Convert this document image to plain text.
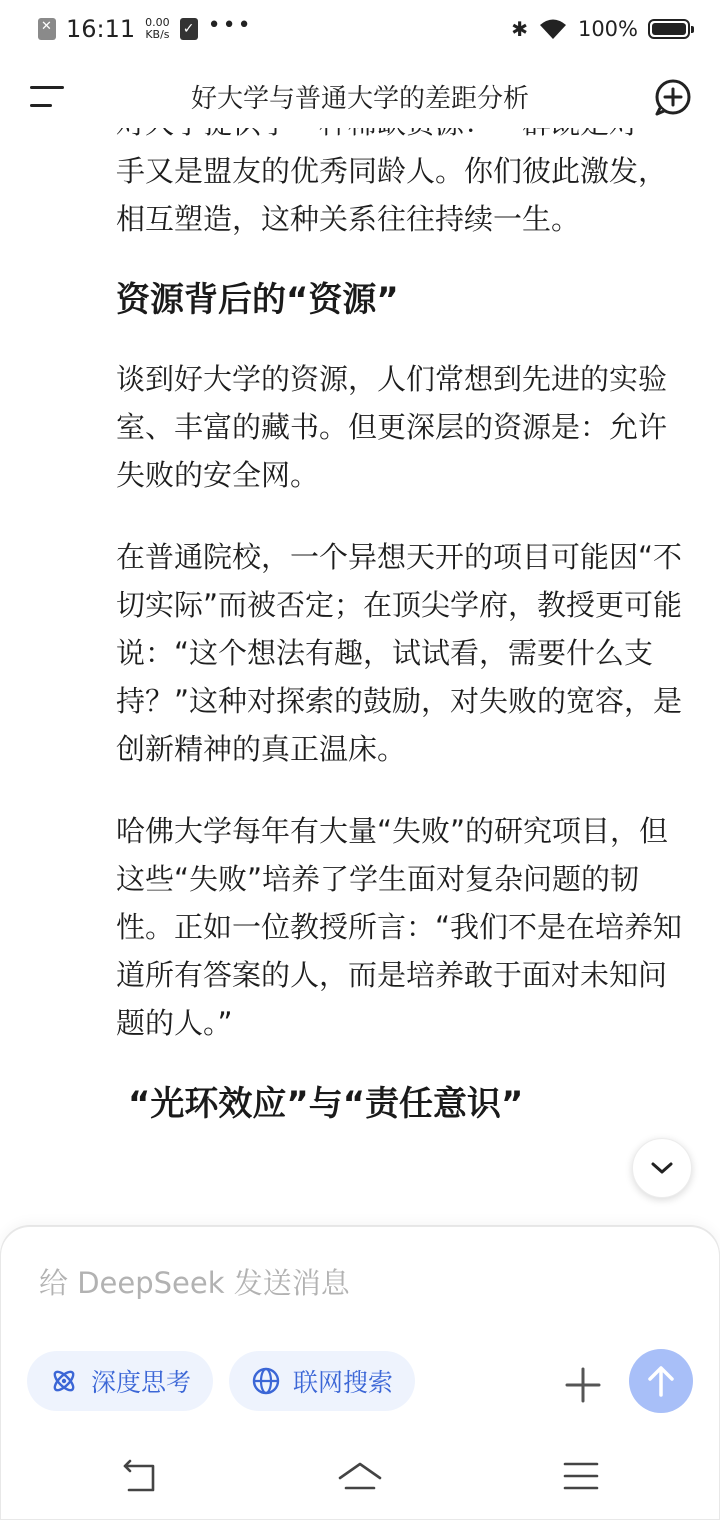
✕
16:11 0.00
KB/s ✓ •••	✱ 100%
好大学与普通大学的差距分析

手又是盟友的优秀同龄人。你们彼此激发，相互塑造，这种关系往往持续一生。

资源背后的“资源”

谈到好大学的资源，人们常想到先进的实验室、丰富的藏书。但更深层的资源是：允许失败的安全网。

在普通院校，一个异想天开的项目可能因“不切实际”而被否定；在顶尖学府，教授更可能说：“这个想法有趣，试试看，需要什么支持？”这种对探索的鼓励，对失败的宽容，是创新精神的真正温床。

哈佛大学每年有大量“失败”的研究项目，但这些“失败”培养了学生面对复杂问题的韧性。正如一位教授所言：“我们不是在培养知道所有答案的人，而是培养敢于面对未知问题的人。”

“光环效应”与“责任意识”
给 DeepSeek 发送消息
深度思考	联网搜索
